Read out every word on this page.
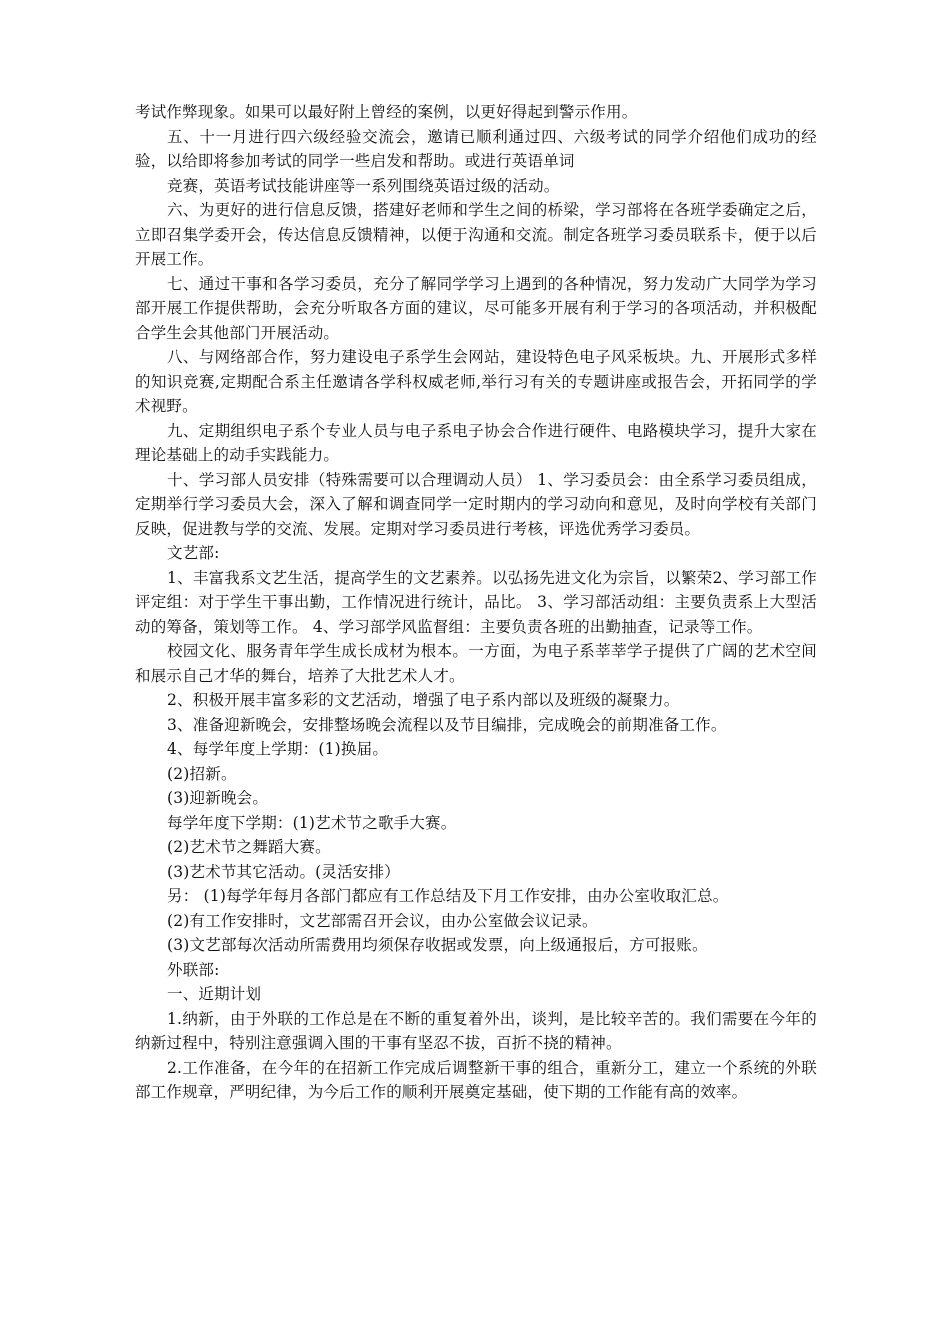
考试作弊现象。如果可以最好附上曾经的案例，以更好得起到警示作用。

五、十一月进行四六级经验交流会，邀请已顺利通过四、六级考试的同学介绍他们成功的经验，以给即将参加考试的同学一些启发和帮助。或进行英语单词

竞赛，英语考试技能讲座等一系列围绕英语过级的活动。

六、为更好的进行信息反馈，搭建好老师和学生之间的桥梁，学习部将在各班学委确定之后，立即召集学委开会，传达信息反馈精神，以便于沟通和交流。制定各班学习委员联系卡，便于以后开展工作。

七、通过干事和各学习委员，充分了解同学学习上遇到的各种情况，努力发动广大同学为学习部开展工作提供帮助，会充分听取各方面的建议，尽可能多开展有利于学习的各项活动，并积极配合学生会其他部门开展活动。

八、与网络部合作，努力建设电子系学生会网站，建设特色电子风采板块。九、开展形式多样的知识竞赛,定期配合系主任邀请各学科权威老师,举行习有关的专题讲座或报告会，开拓同学的学术视野。

九、定期组织电子系个专业人员与电子系电子协会合作进行硬件、电路模块学习，提升大家在理论基础上的动手实践能力。

十、学习部人员安排（特殊需要可以合理调动人员） 1、学习委员会：由全系学习委员组成，定期举行学习委员大会，深入了解和调查同学一定时期内的学习动向和意见，及时向学校有关部门反映，促进教与学的交流、发展。定期对学习委员进行考核，评选优秀学习委员。

文艺部:

1、丰富我系文艺生活，提高学生的文艺素养。以弘扬先进文化为宗旨，以繁荣2、学习部工作评定组：对于学生干事出勤，工作情况进行统计，品比。 3、学习部活动组：主要负责系上大型活动的筹备，策划等工作。 4、学习部学风监督组：主要负责各班的出勤抽查，记录等工作。

校园文化、服务青年学生成长成材为根本。一方面，为电子系莘莘学子提供了广阔的艺术空间和展示自己才华的舞台，培养了大批艺术人才。

2、积极开展丰富多彩的文艺活动，增强了电子系内部以及班级的凝聚力。

3、准备迎新晚会，安排整场晚会流程以及节目编排，完成晚会的前期准备工作。

4、每学年度上学期：(1)换届。

(2)招新。

(3)迎新晚会。

每学年度下学期：(1)艺术节之歌手大赛。

(2)艺术节之舞蹈大赛。

(3)艺术节其它活动。(灵活安排）

另： (1)每学年每月各部门都应有工作总结及下月工作安排，由办公室收取汇总。

(2)有工作安排时，文艺部需召开会议，由办公室做会议记录。

(3)文艺部每次活动所需费用均须保存收据或发票，向上级通报后，方可报账。

外联部:

一、近期计划

1.纳新，由于外联的工作总是在不断的重复着外出，谈判，是比较辛苦的。我们需要在今年的纳新过程中，特别注意强调入围的干事有坚忍不拔，百折不挠的精神。

2.工作准备，在今年的在招新工作完成后调整新干事的组合，重新分工，建立一个系统的外联部工作规章，严明纪律，为今后工作的顺利开展奠定基础，使下期的工作能有高的效率。
